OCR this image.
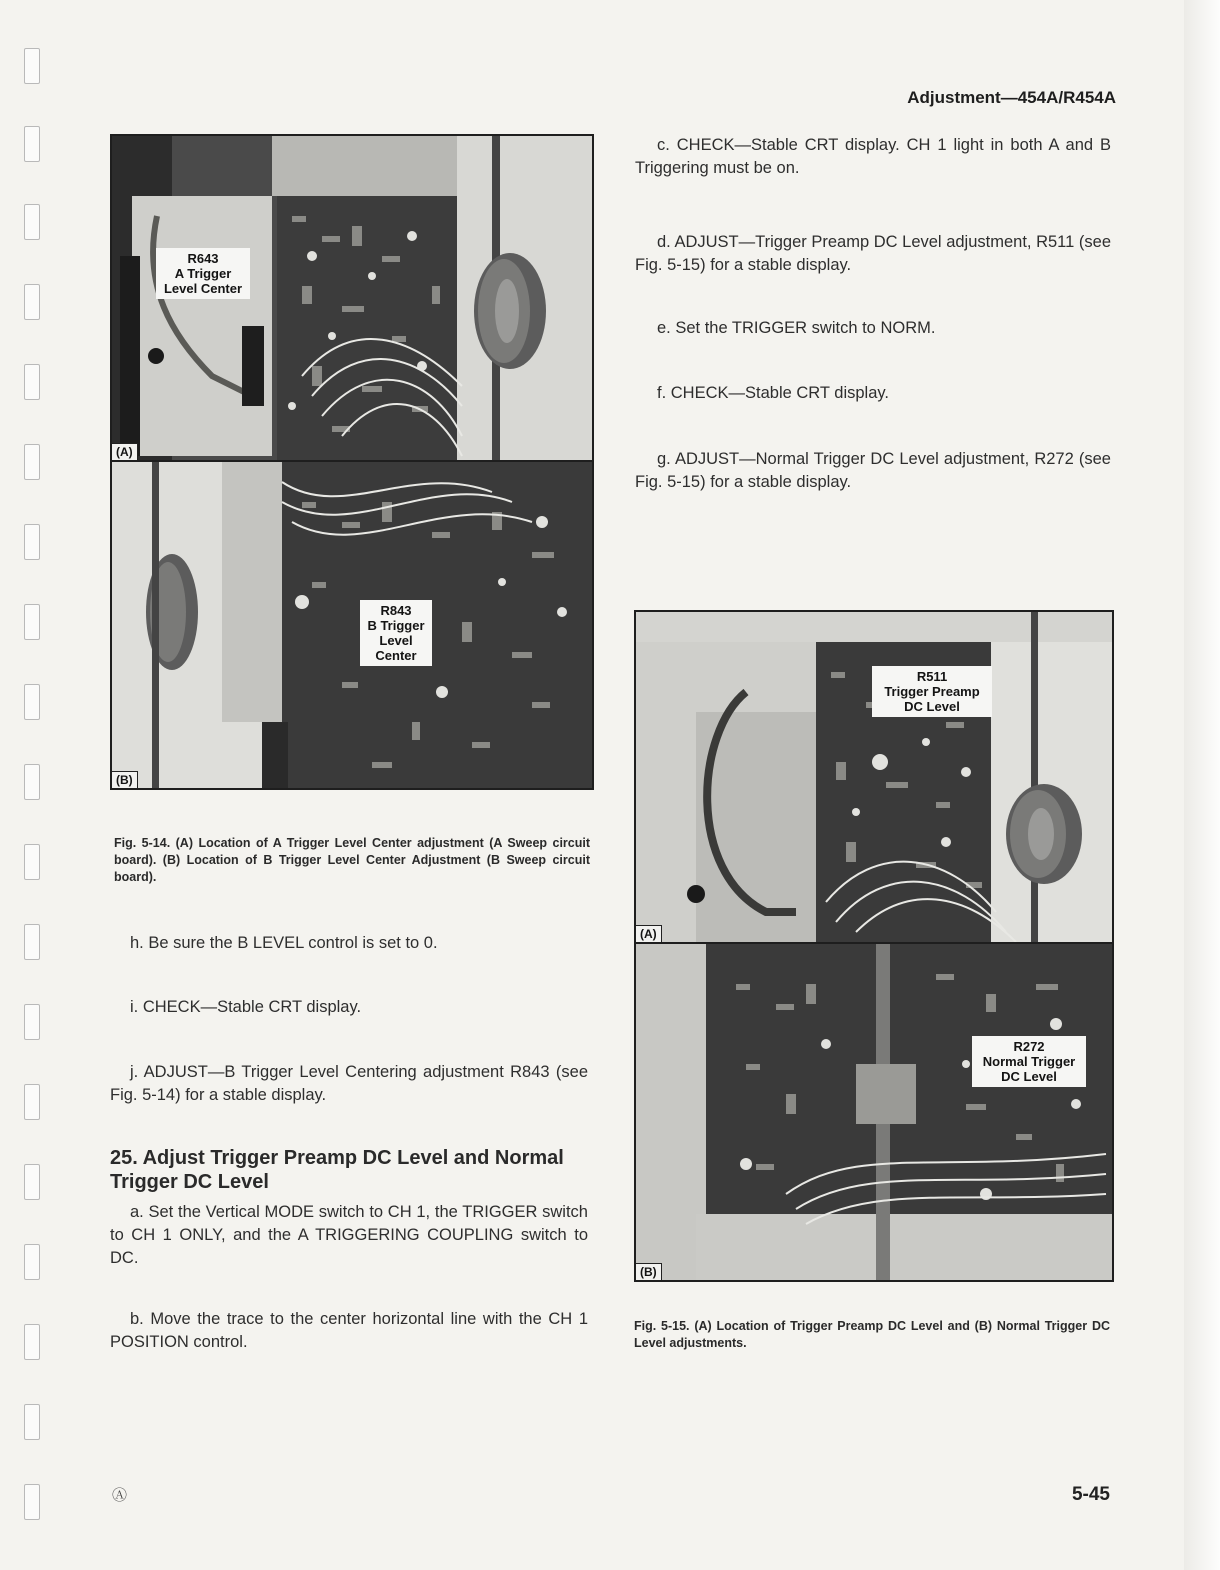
Adjustment—454A/R454A
R643
A Trigger
Level Center
(A)
R843
B Trigger
Level
Center
(B)

Fig. 5-14. (A) Location of A Trigger Level Center adjustment (A Sweep circuit board). (B) Location of B Trigger Level Center Adjustment (B Sweep circuit board).

h. Be sure the B LEVEL control is set to 0.

i. CHECK—Stable CRT display.

j. ADJUST—B Trigger Level Centering adjustment R843 (see Fig. 5-14) for a stable display.

25. Adjust Trigger Preamp DC Level and Normal Trigger DC Level

a. Set the Vertical MODE switch to CH 1, the TRIGGER switch to CH 1 ONLY, and the A TRIGGERING COUPLING switch to DC.

b. Move the trace to the center horizontal line with the CH 1 POSITION control.

c. CHECK—Stable CRT display. CH 1 light in both A and B Triggering must be on.

d. ADJUST—Trigger Preamp DC Level adjustment, R511 (see Fig. 5-15) for a stable display.

e. Set the TRIGGER switch to NORM.

f. CHECK—Stable CRT display.

g. ADJUST—Normal Trigger DC Level adjustment, R272 (see Fig. 5-15) for a stable display.

R511
Trigger Preamp
DC Level
(A)
R272
Normal Trigger
DC Level
(B)

Fig. 5-15. (A) Location of Trigger Preamp DC Level and (B) Normal Trigger DC Level adjustments.

Ⓐ	5-45
